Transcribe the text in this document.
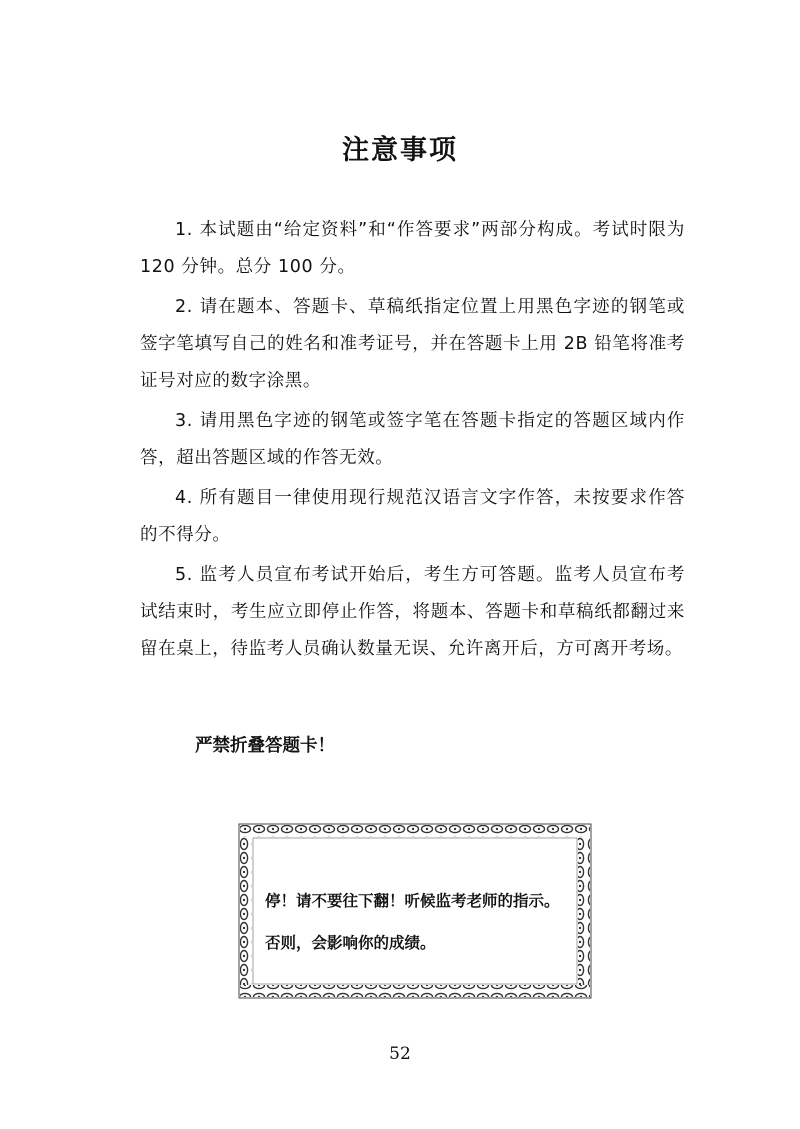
注意事项

1. 本试题由“给定资料”和“作答要求”两部分构成。考试时限为 120 分钟。总分 100 分。

2. 请在题本、答题卡、草稿纸指定位置上用黑色字迹的钢笔或签字笔填写自己的姓名和准考证号，并在答题卡上用 2B 铅笔将准考证号对应的数字涂黑。

3. 请用黑色字迹的钢笔或签字笔在答题卡指定的答题区域内作答，超出答题区域的作答无效。

4. 所有题目一律使用现行规范汉语言文字作答，未按要求作答的不得分。

5. 监考人员宣布考试开始后，考生方可答题。监考人员宣布考试结束时，考生应立即停止作答，将题本、答题卡和草稿纸都翻过来留在桌上，待监考人员确认数量无误、允许离开后，方可离开考场。

严禁折叠答题卡！
停！请不要往下翻！听候监考老师的指示。
否则，会影响你的成绩。
52
